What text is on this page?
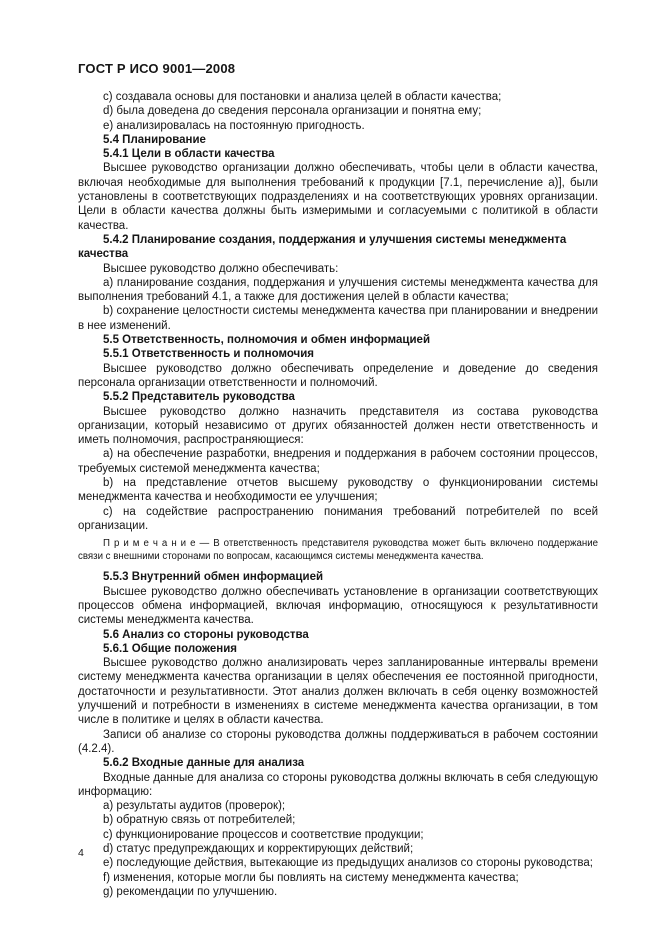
ГОСТ Р ИСО 9001—2008

c) создавала основы для постановки и анализа целей в области качества;

d) была доведена до сведения персонала организации и понятна ему;

e) анализировалась на постоянную пригодность.

5.4 Планирование

5.4.1 Цели в области качества

Высшее руководство организации должно обеспечивать, чтобы цели в области качества, включая необходимые для выполнения требований к продукции [7.1, перечисление а)], были установлены в соответствующих подразделениях и на соответствующих уровнях организации. Цели в области качества должны быть измеримыми и согласуемыми с политикой в области качества.

5.4.2 Планирование создания, поддержания и улучшения системы менеджмента качества

Высшее руководство должно обеспечивать:

a) планирование создания, поддержания и улучшения системы менеджмента качества для выполнения требований 4.1, а также для достижения целей в области качества;

b) сохранение целостности системы менеджмента качества при планировании и внедрении в нее изменений.

5.5 Ответственность, полномочия и обмен информацией

5.5.1 Ответственность и полномочия

Высшее руководство должно обеспечивать определение и доведение до сведения персонала организации ответственности и полномочий.

5.5.2 Представитель руководства

Высшее руководство должно назначить представителя из состава руководства организации, который независимо от других обязанностей должен нести ответственность и иметь полномочия, распространяющиеся:

a) на обеспечение разработки, внедрения и поддержания в рабочем состоянии процессов, требуемых системой менеджмента качества;

b) на представление отчетов высшему руководству о функционировании системы менеджмента качества и необходимости ее улучшения;

c) на содействие распространению понимания требований потребителей по всей организации.

П р и м е ч а н и е — В ответственность представителя руководства может быть включено поддержание связи с внешними сторонами по вопросам, касающимся системы менеджмента качества.

5.5.3 Внутренний обмен информацией

Высшее руководство должно обеспечивать установление в организации соответствующих процессов обмена информацией, включая информацию, относящуюся к результативности системы менеджмента качества.

5.6 Анализ со стороны руководства

5.6.1 Общие положения

Высшее руководство должно анализировать через запланированные интервалы времени систему менеджмента качества организации в целях обеспечения ее постоянной пригодности, достаточности и результативности. Этот анализ должен включать в себя оценку возможностей улучшений и потребности в изменениях в системе менеджмента качества организации, в том числе в политике и целях в области качества.

Записи об анализе со стороны руководства должны поддерживаться в рабочем состоянии (4.2.4).

5.6.2 Входные данные для анализа

Входные данные для анализа со стороны руководства должны включать в себя следующую информацию:

a) результаты аудитов (проверок);

b) обратную связь от потребителей;

c) функционирование процессов и соответствие продукции;

d) статус предупреждающих и корректирующих действий;

e) последующие действия, вытекающие из предыдущих анализов со стороны руководства;

f) изменения, которые могли бы повлиять на систему менеджмента качества;

g) рекомендации по улучшению.

4
